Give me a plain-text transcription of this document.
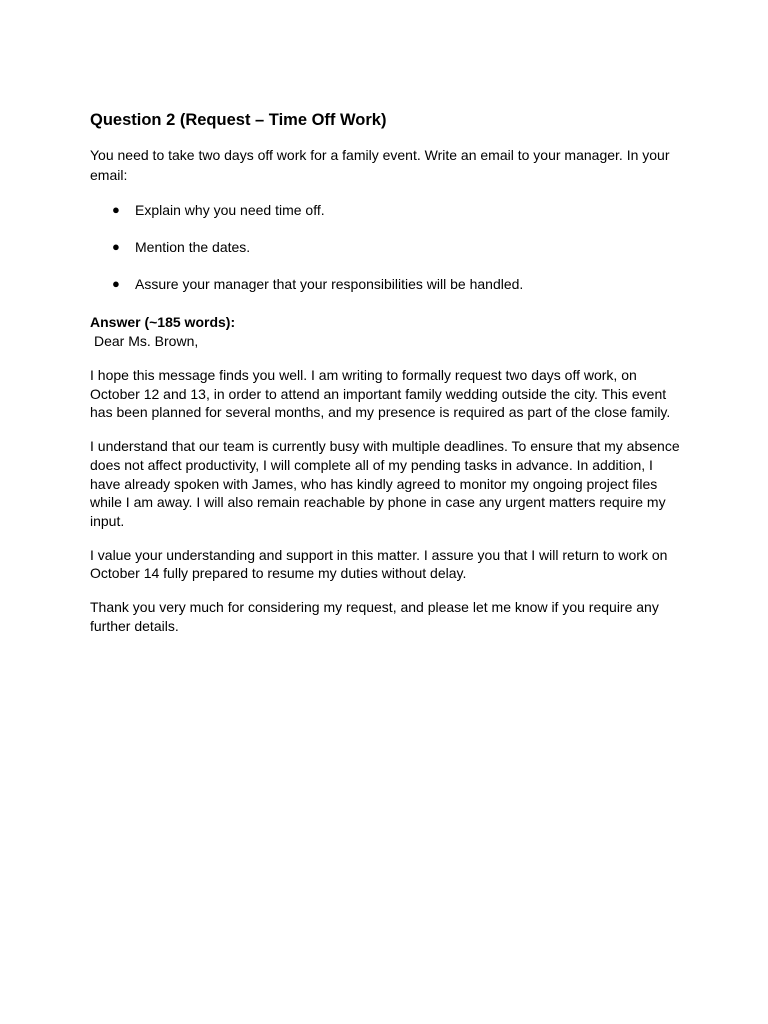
Question 2 (Request – Time Off Work)

You need to take two days off work for a family event. Write an email to your manager. In your email:

●	Explain why you need time off.
●	Mention the dates.
●	Assure your manager that your responsibilities will be handled.

Answer (~185 words):

Dear Ms. Brown,

I hope this message finds you well. I am writing to formally request two days off work, on October 12 and 13, in order to attend an important family wedding outside the city. This event has been planned for several months, and my presence is required as part of the close family.

I understand that our team is currently busy with multiple deadlines. To ensure that my absence does not affect productivity, I will complete all of my pending tasks in advance. In addition, I have already spoken with James, who has kindly agreed to monitor my ongoing project files while I am away. I will also remain reachable by phone in case any urgent matters require my input.

I value your understanding and support in this matter. I assure you that I will return to work on October 14 fully prepared to resume my duties without delay.

Thank you very much for considering my request, and please let me know if you require any further details.
